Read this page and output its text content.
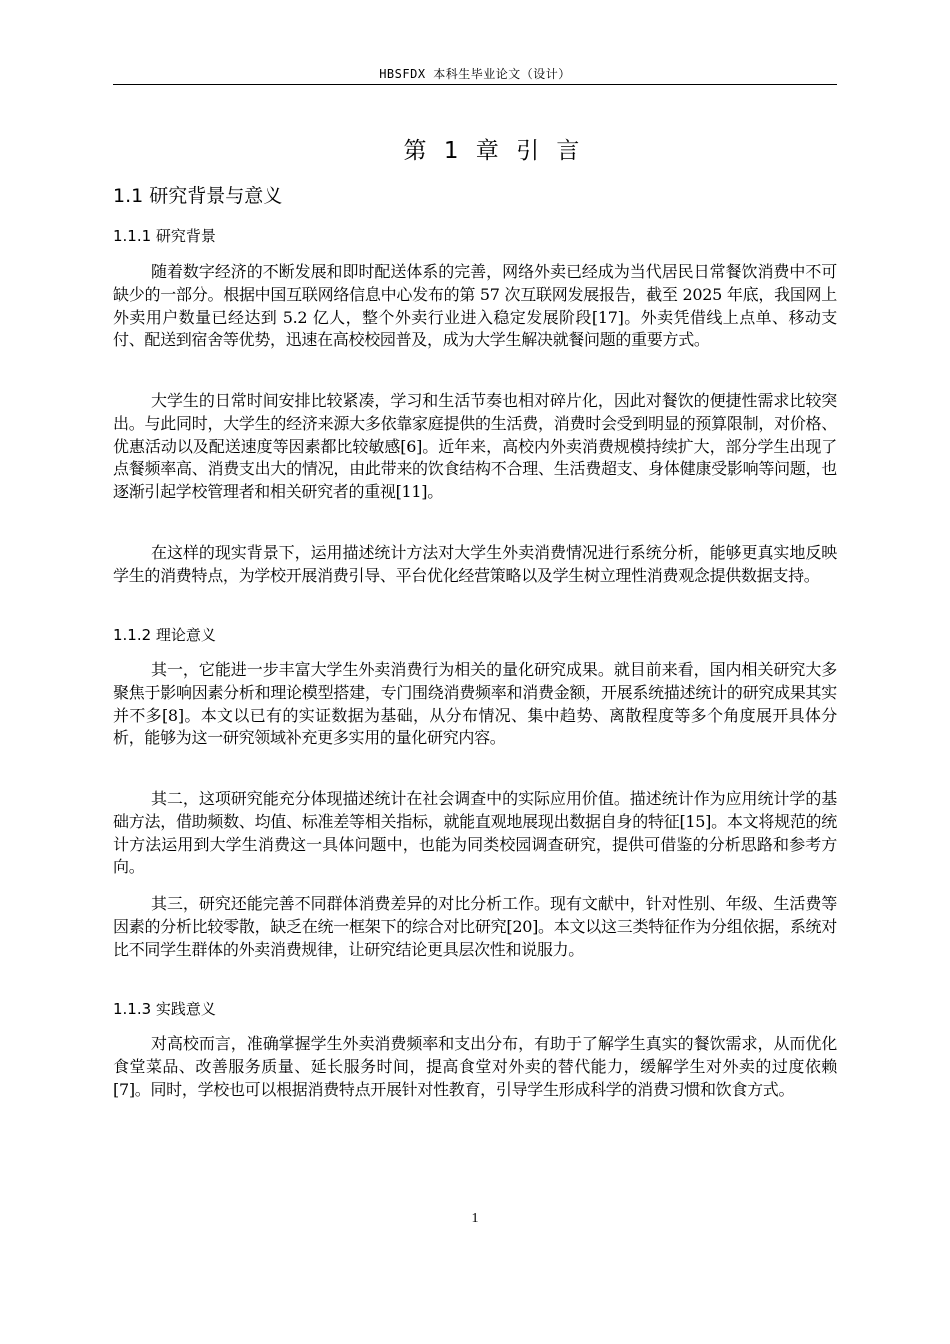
HBSFDX 本科生毕业论文（设计）
第 1 章 引 言
1.1 研究背景与意义
1.1.1 研究背景

随着数字经济的不断发展和即时配送体系的完善，网络外卖已经成为当代居民日常餐饮消费中不可缺少的一部分。根据中国互联网络信息中心发布的第 57 次互联网发展报告，截至 2025 年底，我国网上外卖用户数量已经达到 5.2 亿人，整个外卖行业进入稳定发展阶段[17]。外卖凭借线上点单、移动支付、配送到宿舍等优势，迅速在高校校园普及，成为大学生解决就餐问题的重要方式。

大学生的日常时间安排比较紧凑，学习和生活节奏也相对碎片化，因此对餐饮的便捷性需求比较突出。与此同时，大学生的经济来源大多依靠家庭提供的生活费，消费时会受到明显的预算限制，对价格、优惠活动以及配送速度等因素都比较敏感[6]。近年来，高校内外卖消费规模持续扩大，部分学生出现了点餐频率高、消费支出大的情况，由此带来的饮食结构不合理、生活费超支、身体健康受影响等问题，也逐渐引起学校管理者和相关研究者的重视[11]。

在这样的现实背景下，运用描述统计方法对大学生外卖消费情况进行系统分析，能够更真实地反映学生的消费特点，为学校开展消费引导、平台优化经营策略以及学生树立理性消费观念提供数据支持。

1.1.2 理论意义

其一，它能进一步丰富大学生外卖消费行为相关的量化研究成果。就目前来看，国内相关研究大多聚焦于影响因素分析和理论模型搭建，专门围绕消费频率和消费金额，开展系统描述统计的研究成果其实并不多[8]。本文以已有的实证数据为基础，从分布情况、集中趋势、离散程度等多个角度展开具体分析，能够为这一研究领域补充更多实用的量化研究内容。

其二，这项研究能充分体现描述统计在社会调查中的实际应用价值。描述统计作为应用统计学的基础方法，借助频数、均值、标准差等相关指标，就能直观地展现出数据自身的特征[15]。本文将规范的统计方法运用到大学生消费这一具体问题中，也能为同类校园调查研究，提供可借鉴的分析思路和参考方向。

其三，研究还能完善不同群体消费差异的对比分析工作。现有文献中，针对性别、年级、生活费等因素的分析比较零散，缺乏在统一框架下的综合对比研究[20]。本文以这三类特征作为分组依据，系统对比不同学生群体的外卖消费规律，让研究结论更具层次性和说服力。

1.1.3 实践意义

对高校而言，准确掌握学生外卖消费频率和支出分布，有助于了解学生真实的餐饮需求，从而优化食堂菜品、改善服务质量、延长服务时间，提高食堂对外卖的替代能力，缓解学生对外卖的过度依赖[7]。同时，学校也可以根据消费特点开展针对性教育，引导学生形成科学的消费习惯和饮食方式。

1
